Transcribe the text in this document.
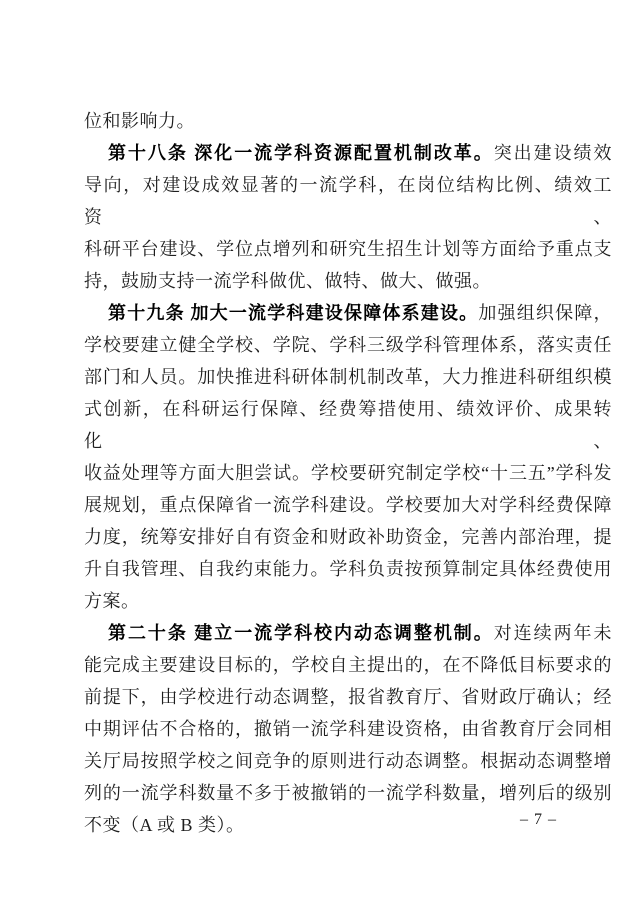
位和影响力。
第十八条 深化一流学科资源配置机制改革。突出建设绩效
导向，对建设成效显著的一流学科，在岗位结构比例、绩效工资、
科研平台建设、学位点增列和研究生招生计划等方面给予重点支
持，鼓励支持一流学科做优、做特、做大、做强。
第十九条 加大一流学科建设保障体系建设。加强组织保障，
学校要建立健全学校、学院、学科三级学科管理体系，落实责任
部门和人员。加快推进科研体制机制改革，大力推进科研组织模
式创新，在科研运行保障、经费筹措使用、绩效评价、成果转化、
收益处理等方面大胆尝试。学校要研究制定学校“十三五”学科发
展规划，重点保障省一流学科建设。学校要加大对学科经费保障
力度，统筹安排好自有资金和财政补助资金，完善内部治理，提
升自我管理、自我约束能力。学科负责按预算制定具体经费使用
方案。
第二十条 建立一流学科校内动态调整机制。对连续两年未
能完成主要建设目标的，学校自主提出的，在不降低目标要求的
前提下，由学校进行动态调整，报省教育厅、省财政厅确认；经
中期评估不合格的，撤销一流学科建设资格，由省教育厅会同相
关厅局按照学校之间竞争的原则进行动态调整。根据动态调整增
列的一流学科数量不多于被撤销的一流学科数量，增列后的级别
不变（A 或 B 类）。	– 7 –
